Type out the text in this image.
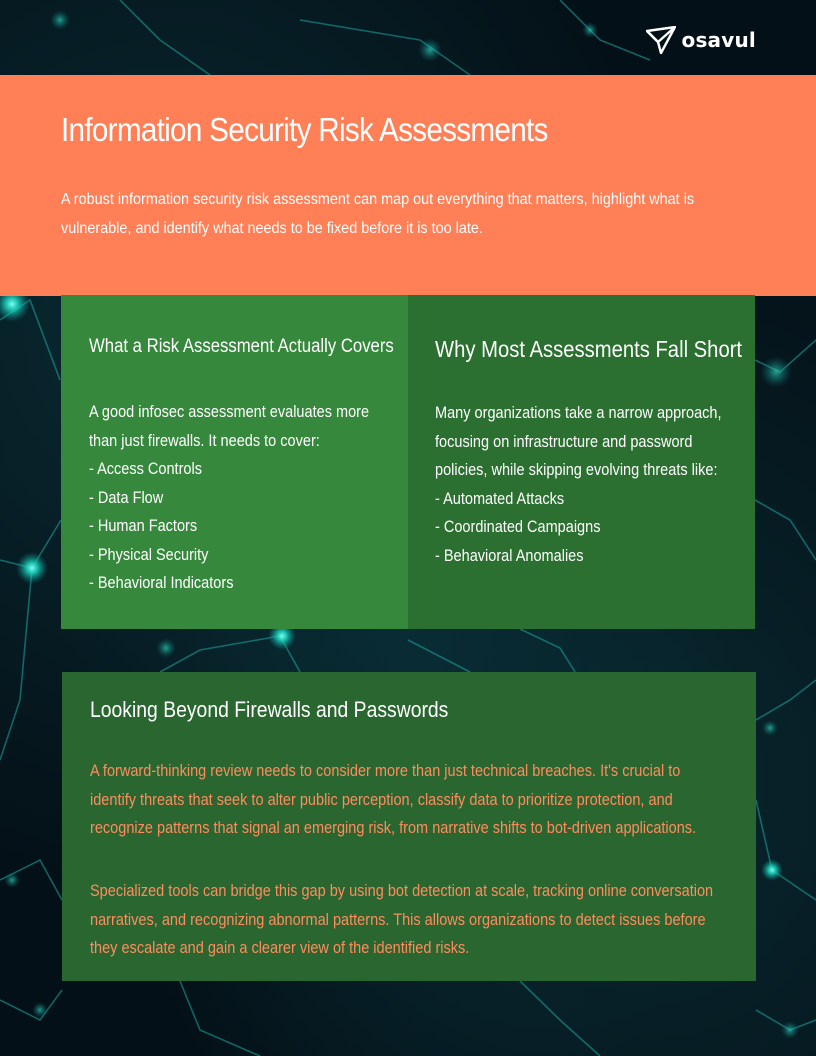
osavul
Information Security Risk Assessments

A robust information security risk assessment can map out everything that matters, highlight what is vulnerable, and identify what needs to be fixed before it is too late.

What a Risk Assessment Actually Covers

A good infosec assessment evaluates more than just firewalls. It needs to cover:

- Access Controls
- Data Flow
- Human Factors
- Physical Security
- Behavioral Indicators
Why Most Assessments Fall Short

Many organizations take a narrow approach, focusing on infrastructure and password policies, while skipping evolving threats like:

- Automated Attacks
- Coordinated Campaigns
- Behavioral Anomalies
Looking Beyond Firewalls and Passwords

A forward-thinking review needs to consider more than just technical breaches. It's crucial to identify threats that seek to alter public perception, classify data to prioritize protection, and recognize patterns that signal an emerging risk, from narrative shifts to bot-driven applications.

Specialized tools can bridge this gap by using bot detection at scale, tracking online conversation narratives, and recognizing abnormal patterns. This allows organizations to detect issues before they escalate and gain a clearer view of the identified risks.
